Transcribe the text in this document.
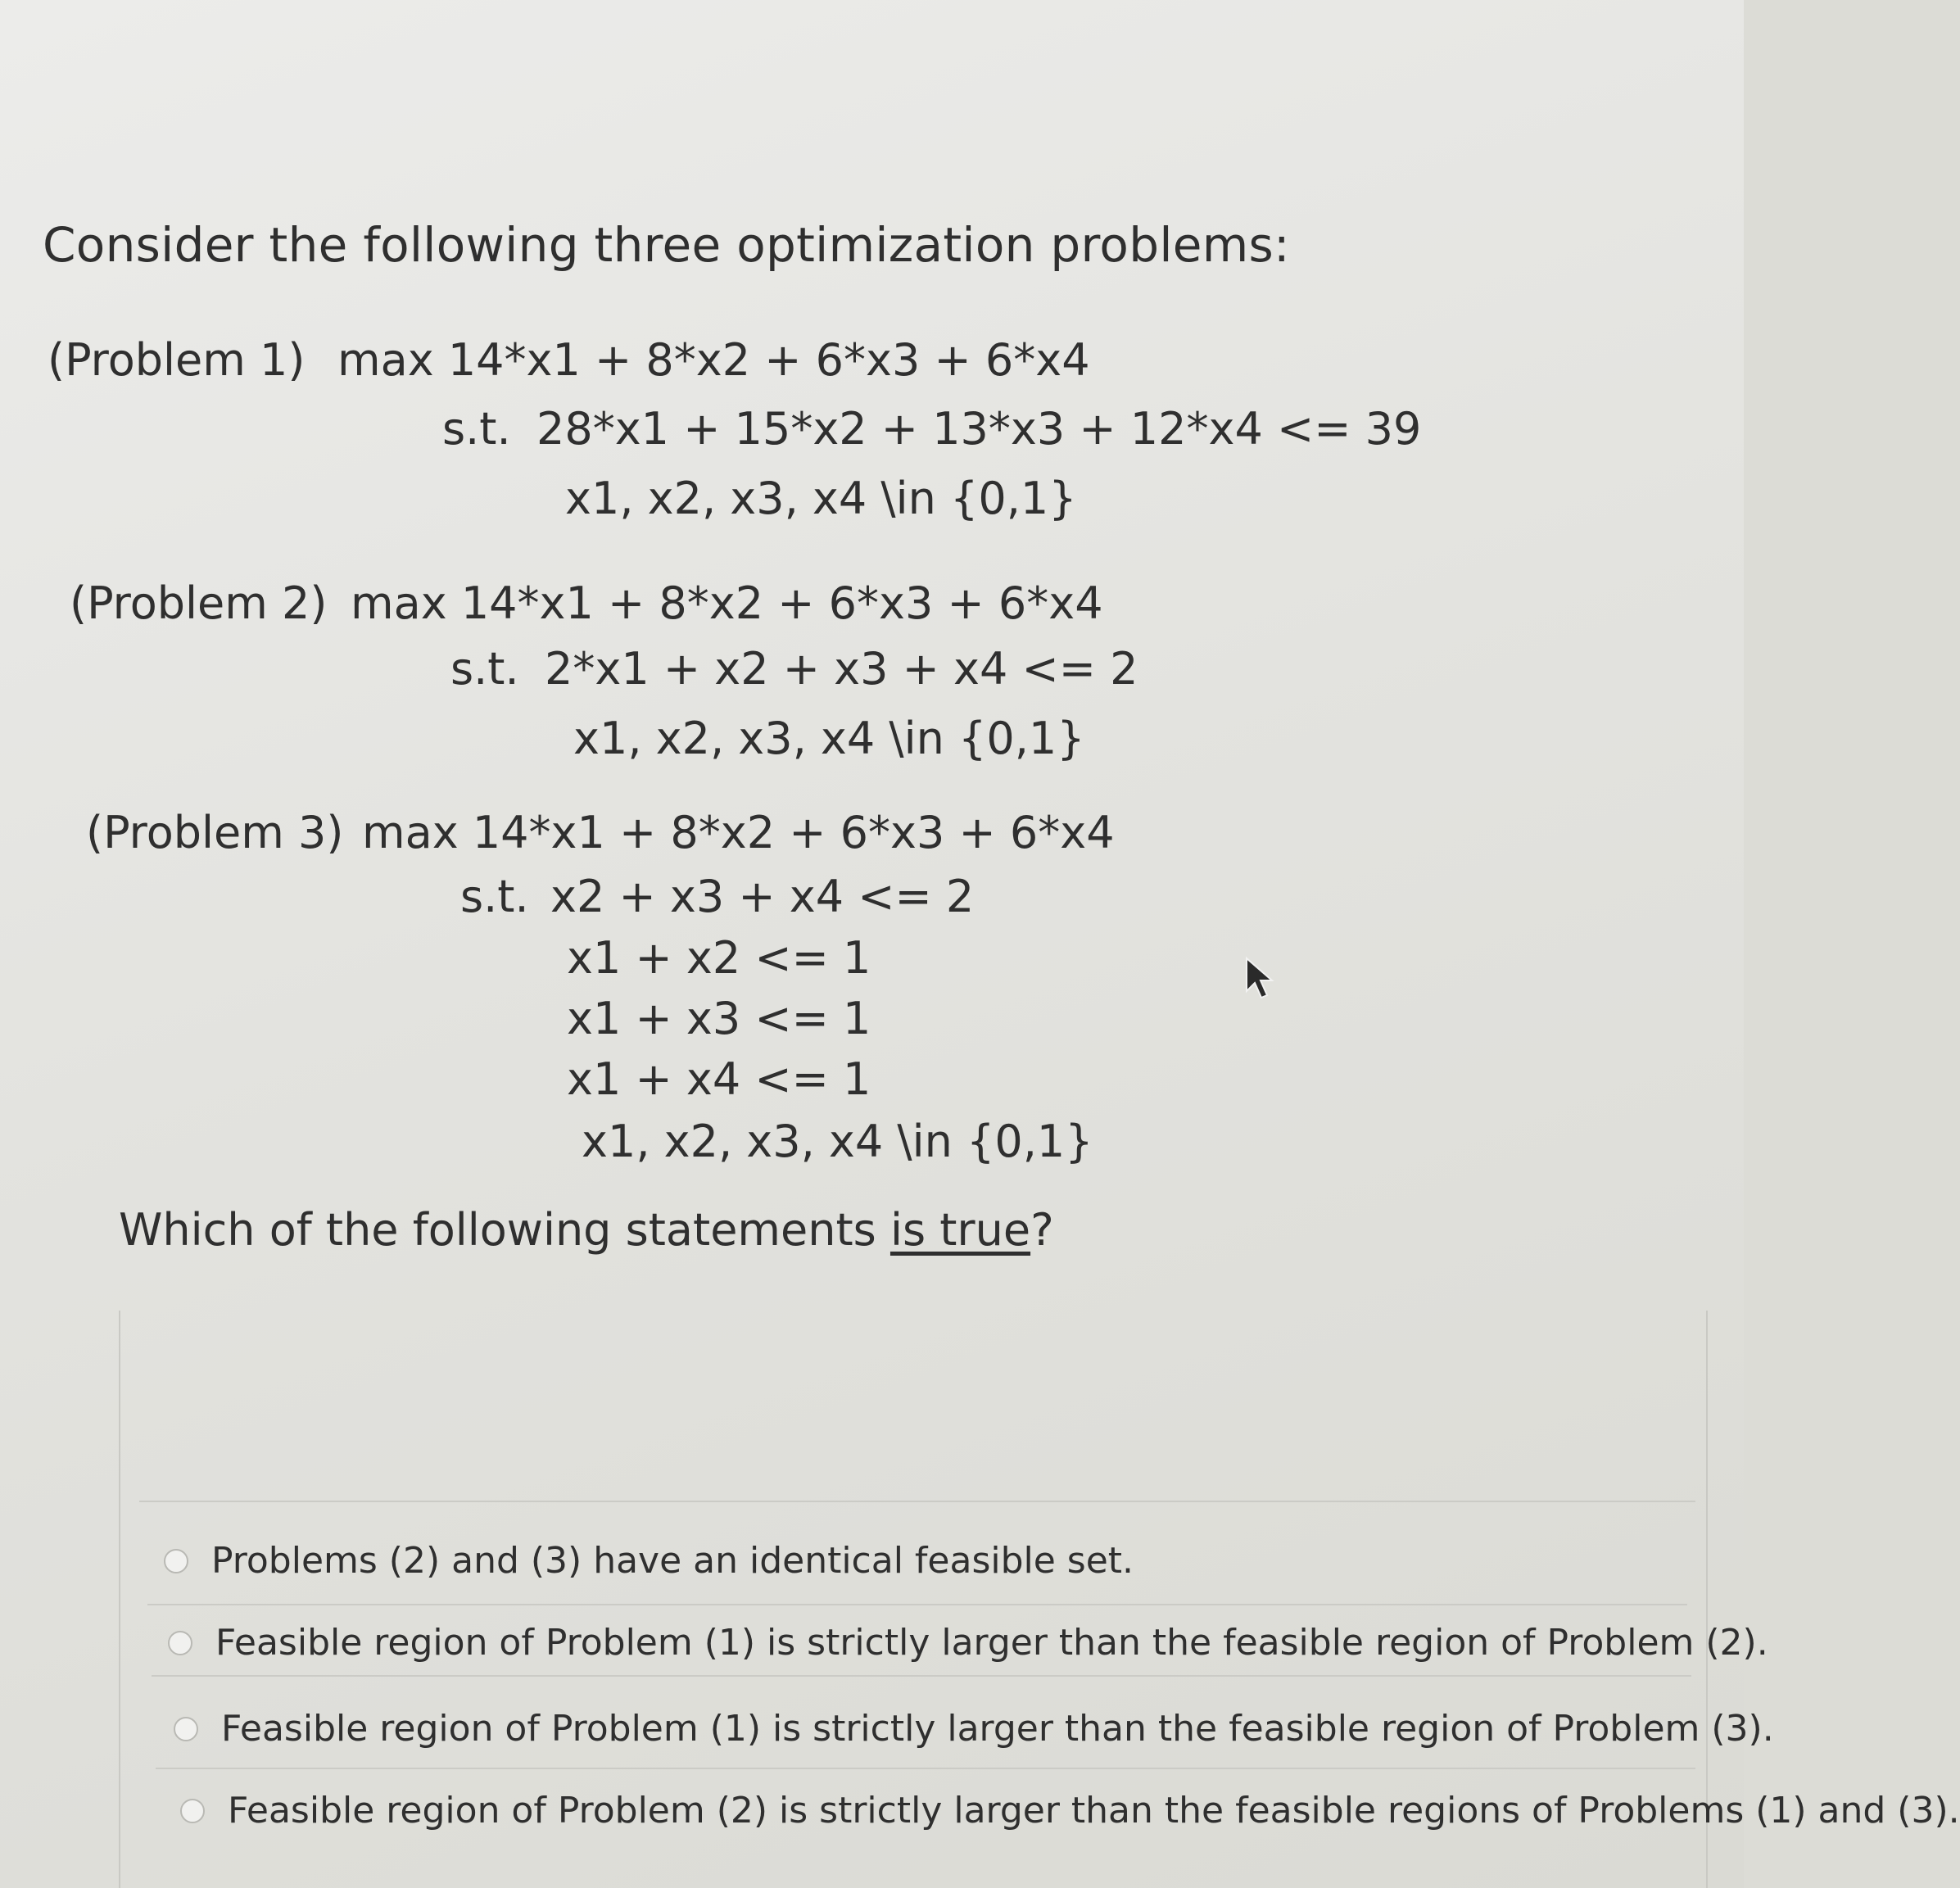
Consider the following three optimization problems:
(Problem 1) max 14*x1 + 8*x2 + 6*x3 + 6*x4
s.t. 28*x1 + 15*x2 + 13*x3 + 12*x4 <= 39
x1, x2, x3, x4 \in {0,1}
(Problem 2) max 14*x1 + 8*x2 + 6*x3 + 6*x4
s.t. 2*x1 + x2 + x3 + x4 <= 2
x1, x2, x3, x4 \in {0,1}
(Problem 3) max 14*x1 + 8*x2 + 6*x3 + 6*x4
s.t. x2 + x3 + x4 <= 2
x1 + x2 <= 1
x1 + x3 <= 1
x1 + x4 <= 1
x1, x2, x3, x4 \in {0,1}
Which of the following statements is true?
Problems (2) and (3) have an identical feasible set.
Feasible region of Problem (1) is strictly larger than the feasible region of Problem (2).
Feasible region of Problem (1) is strictly larger than the feasible region of Problem (3).
Feasible region of Problem (2) is strictly larger than the feasible regions of Problems (1) and (3).
